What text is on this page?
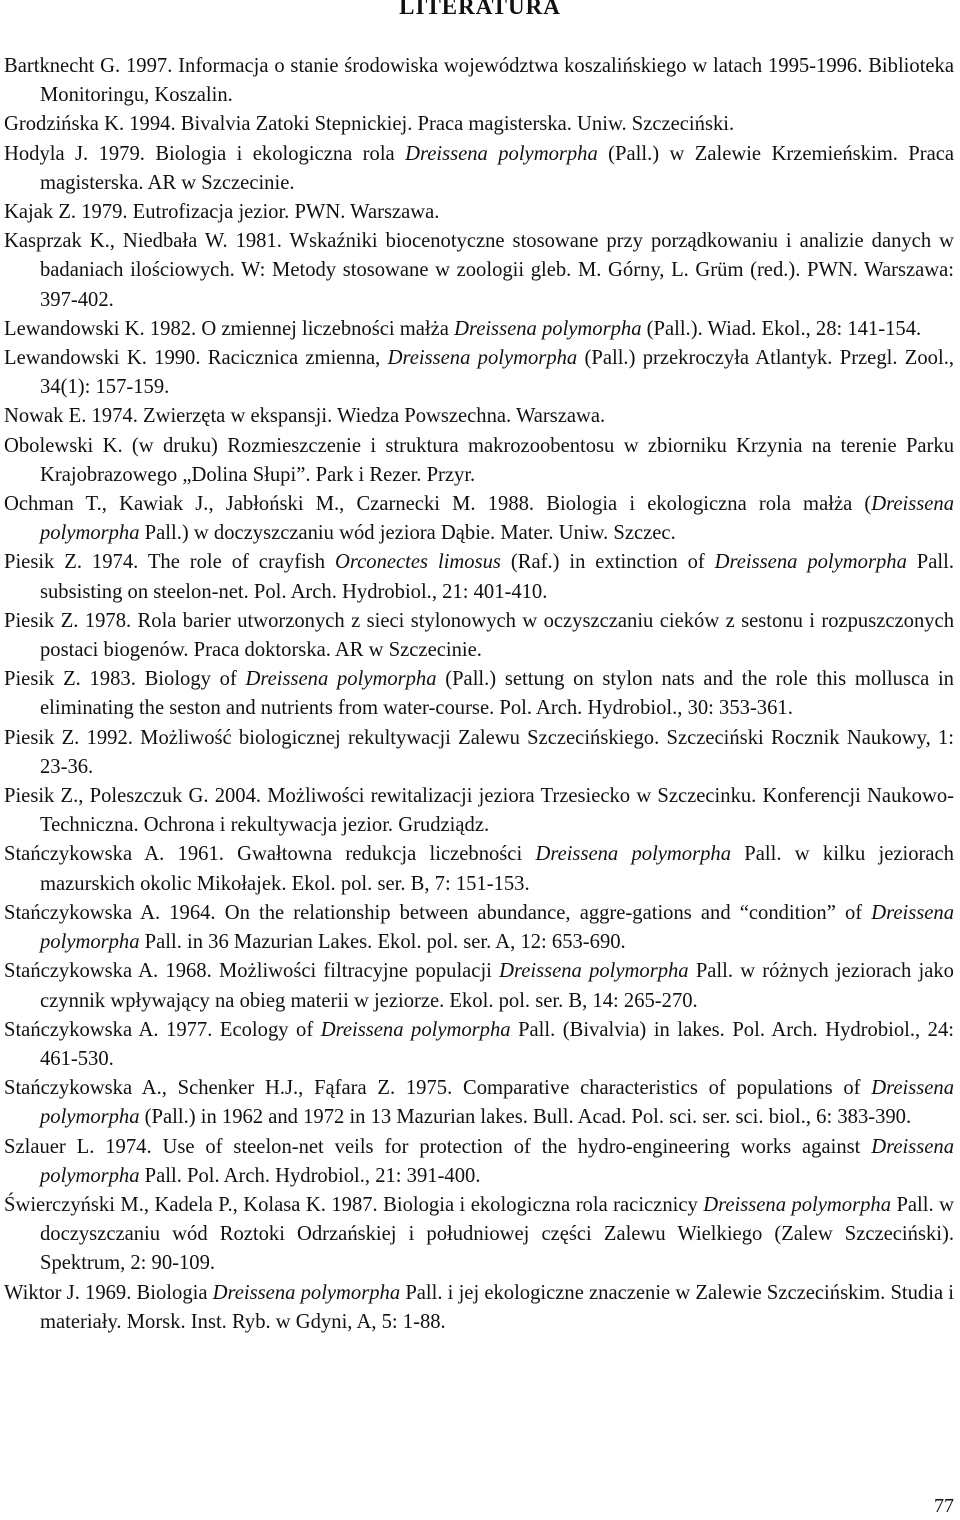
LITERATURA

Bartknecht G. 1997. Informacja o stanie środowiska województwa koszalińskiego w latach 1995-1996. Biblioteka Monitoringu, Koszalin.

Grodzińska K. 1994. Bivalvia Zatoki Stepnickiej. Praca magisterska. Uniw. Szczeciński.

Hodyla J. 1979. Biologia i ekologiczna rola Dreissena polymorpha (Pall.) w Zalewie Krzemieńskim. Praca magisterska. AR w Szczecinie.

Kajak Z. 1979. Eutrofizacja jezior. PWN. Warszawa.

Kasprzak K., Niedbała W. 1981. Wskaźniki biocenotyczne stosowane przy porządkowaniu i analizie danych w badaniach ilościowych. W: Metody stosowane w zoologii gleb. M. Górny, L. Grüm (red.). PWN. Warszawa: 397-402.

Lewandowski K. 1982. O zmiennej liczebności małża Dreissena polymorpha (Pall.). Wiad. Ekol., 28: 141-154.

Lewandowski K. 1990. Racicznica zmienna, Dreissena polymorpha (Pall.) przekroczyła Atlantyk. Przegl. Zool., 34(1): 157-159.

Nowak E. 1974. Zwierzęta w ekspansji. Wiedza Powszechna. Warszawa.

Obolewski K. (w druku) Rozmieszczenie i struktura makrozoobentosu w zbiorniku Krzynia na terenie Parku Krajobrazowego „Dolina Słupi”. Park i Rezer. Przyr.

Ochman T., Kawiak J., Jabłoński M., Czarnecki M. 1988. Biologia i ekologiczna rola małża (Dreissena polymorpha Pall.) w doczyszczaniu wód jeziora Dąbie. Mater. Uniw. Szczec.

Piesik Z. 1974. The role of crayfish Orconectes limosus (Raf.) in extinction of Dreissena polymorpha Pall. subsisting on steelon-net. Pol. Arch. Hydrobiol., 21: 401-410.

Piesik Z. 1978. Rola barier utworzonych z sieci stylonowych w oczyszczaniu cieków z sestonu i rozpuszczonych postaci biogenów. Praca doktorska. AR w Szczecinie.

Piesik Z. 1983. Biology of Dreissena polymorpha (Pall.) settung on stylon nats and the role this mollusca in eliminating the seston and nutrients from water-course. Pol. Arch. Hydrobiol., 30: 353-361.

Piesik Z. 1992. Możliwość biologicznej rekultywacji Zalewu Szczecińskiego. Szczeciński Rocznik Naukowy, 1: 23-36.

Piesik Z., Poleszczuk G. 2004. Możliwości rewitalizacji jeziora Trzesiecko w Szczecinku. Konferencji Naukowo-Techniczna. Ochrona i rekultywacja jezior. Grudziądz.

Stańczykowska A. 1961. Gwałtowna redukcja liczebności Dreissena polymorpha Pall. w kilku jeziorach mazurskich okolic Mikołajek. Ekol. pol. ser. B, 7: 151-153.

Stańczykowska A. 1964. On the relationship between abundance, aggre-gations and “condition” of Dreissena polymorpha Pall. in 36 Mazurian Lakes. Ekol. pol. ser. A, 12: 653-690.

Stańczykowska A. 1968. Możliwości filtracyjne populacji Dreissena polymorpha Pall. w różnych jeziorach jako czynnik wpływający na obieg materii w jeziorze. Ekol. pol. ser. B, 14: 265-270.

Stańczykowska A. 1977. Ecology of Dreissena polymorpha Pall. (Bivalvia) in lakes. Pol. Arch. Hydrobiol., 24: 461-530.

Stańczykowska A., Schenker H.J., Fąfara Z. 1975. Comparative characteristics of populations of Dreissena polymorpha (Pall.) in 1962 and 1972 in 13 Mazurian lakes. Bull. Acad. Pol. sci. ser. sci. biol., 6: 383-390.

Szlauer L. 1974. Use of steelon-net veils for protection of the hydro-engineering works against Dreissena polymorpha Pall. Pol. Arch. Hydrobiol., 21: 391-400.

Świerczyński M., Kadela P., Kolasa K. 1987. Biologia i ekologiczna rola racicznicy Dreissena polymorpha Pall. w doczyszczaniu wód Roztoki Odrzańskiej i południowej części Zalewu Wielkiego (Zalew Szczeciński). Spektrum, 2: 90-109.

Wiktor J. 1969. Biologia Dreissena polymorpha Pall. i jej ekologiczne znaczenie w Zalewie Szczecińskim. Studia i materiały. Morsk. Inst. Ryb. w Gdyni, A, 5: 1-88.

77
